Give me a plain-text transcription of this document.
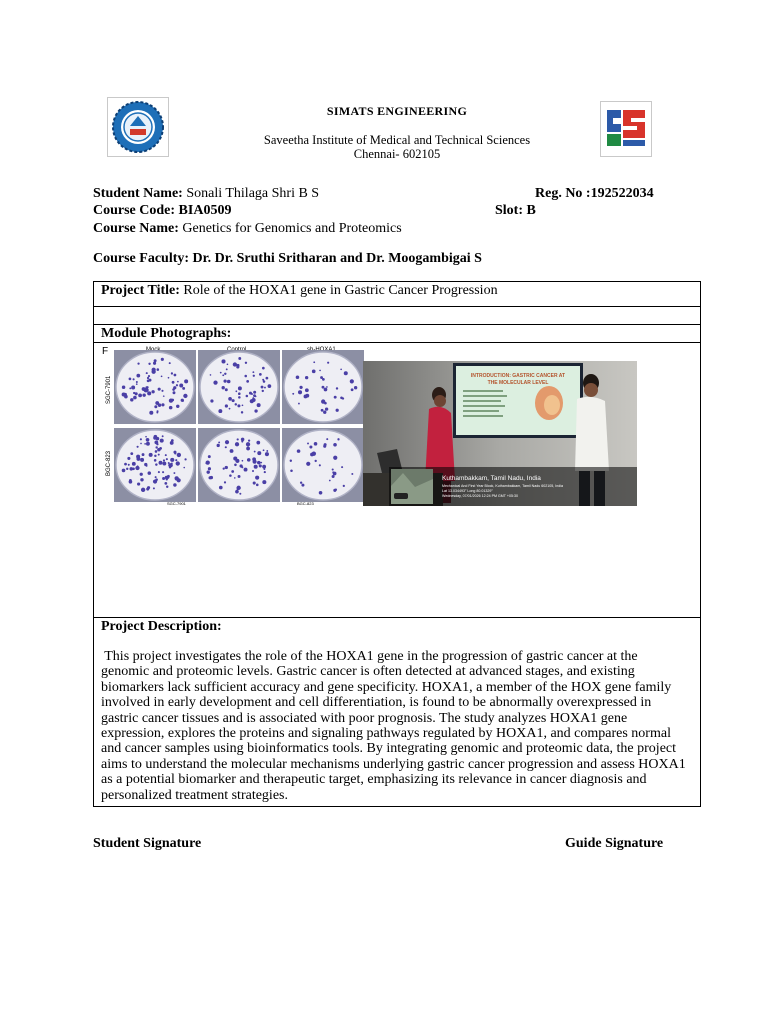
SIMATS ENGINEERING
Saveetha Institute of Medical and Technical Sciences
Chennai- 602105
Student Name: Sonali Thilaga Shri B S	Reg. No :192522034
Course Code: BIA0509	Slot: B
Course Name: Genetics for Genomics and Proteomics
Course Faculty: Dr. Dr. Sruthi Sritharan and Dr. Moogambigai S
Project Title: Role of the HOXA1 gene in Gastric Cancer Progression
Module Photographs:
F
SGC-7901
BGC-823
SGC-7901	BGC-823
INTRODUCTION: GASTRIC CANCER AT
THE MOLECULAR LEVEL
Kuthambakkam, Tamil Nadu, India
Mechanical And First Year Block, Kuthambakkam, Tamil Nadu 602105, India
Lat 13.034493° Long 80.01329°
Wednesday, 07/01/2026 12:24 PM GMT +05:30
Project Description:
This project investigates the role of the HOXA1 gene in the progression of gastric cancer at the
genomic and proteomic levels. Gastric cancer is often detected at advanced stages, and existing
biomarkers lack sufficient accuracy and gene specificity. HOXA1, a member of the HOX gene family
involved in early development and cell differentiation, is found to be abnormally overexpressed in
gastric cancer tissues and is associated with poor prognosis. The study analyzes HOXA1 gene
expression, explores the proteins and signaling pathways regulated by HOXA1, and compares normal
and cancer samples using bioinformatics tools. By integrating genomic and proteomic data, the project
aims to understand the molecular mechanisms underlying gastric cancer progression and assess HOXA1
as a potential biomarker and therapeutic target, emphasizing its relevance in cancer diagnosis and
personalized treatment strategies.
Student Signature	Guide Signature
